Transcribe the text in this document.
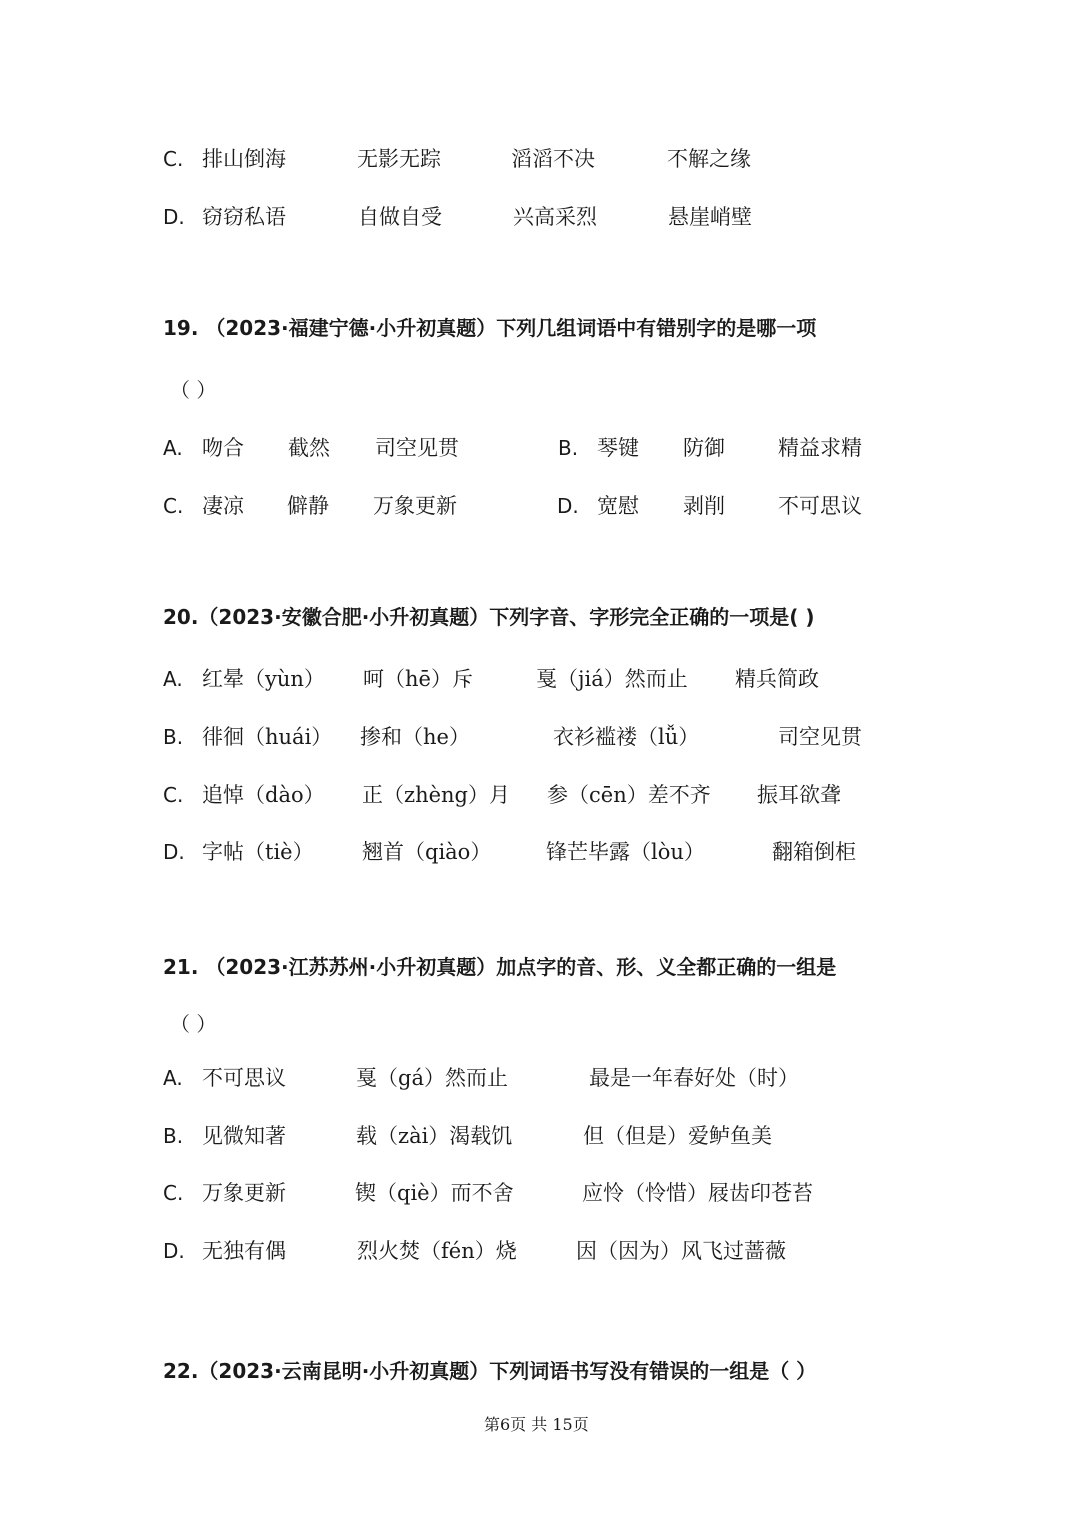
C. 排山倒海	无影无踪	滔滔不决	不解之缘
D. 窃窃私语	自做自受	兴高采烈	悬崖峭壁
19. （2023·福建宁德·小升初真题）下列几组词语中有错别字的是哪一项
（ ）
A. 吻合 截然 司空见贯	B. 琴键 防御	精益求精
C. 凄凉 僻静 万象更新	D. 宽慰 剥削	不可思议
20.（2023·安徽合肥·小升初真题）下列字音、字形完全正确的一项是( )
A. 红晕（yùn） 呵（hē）斥	戛（jiá）然而止 精兵简政
B. 徘徊（huái） 掺和（he）	衣衫褴褛（lǚ）	司空见贯
C. 追悼（dào） 正（zhèng）月 参（cēn）差不齐 振耳欲聋
D. 字帖（tiè） 翘首（qiào）	锋芒毕露（lòu）	翻箱倒柜
21. （2023·江苏苏州·小升初真题）加点字的音、形、义全都正确的一组是
（ ）
A. 不可思议	戛（gá）然而止	最是一年春好处（时）
B. 见微知著	载（zài）渴载饥	但（但是）爱鲈鱼美
C. 万象更新	锲（qiè）而不舍	应怜（怜惜）屐齿印苍苔
D. 无独有偶	烈火焚（fén）烧	因（因为）风飞过蔷薇
22.（2023·云南昆明·小升初真题）下列词语书写没有错误的一组是（ ）
第6页 共 15页
